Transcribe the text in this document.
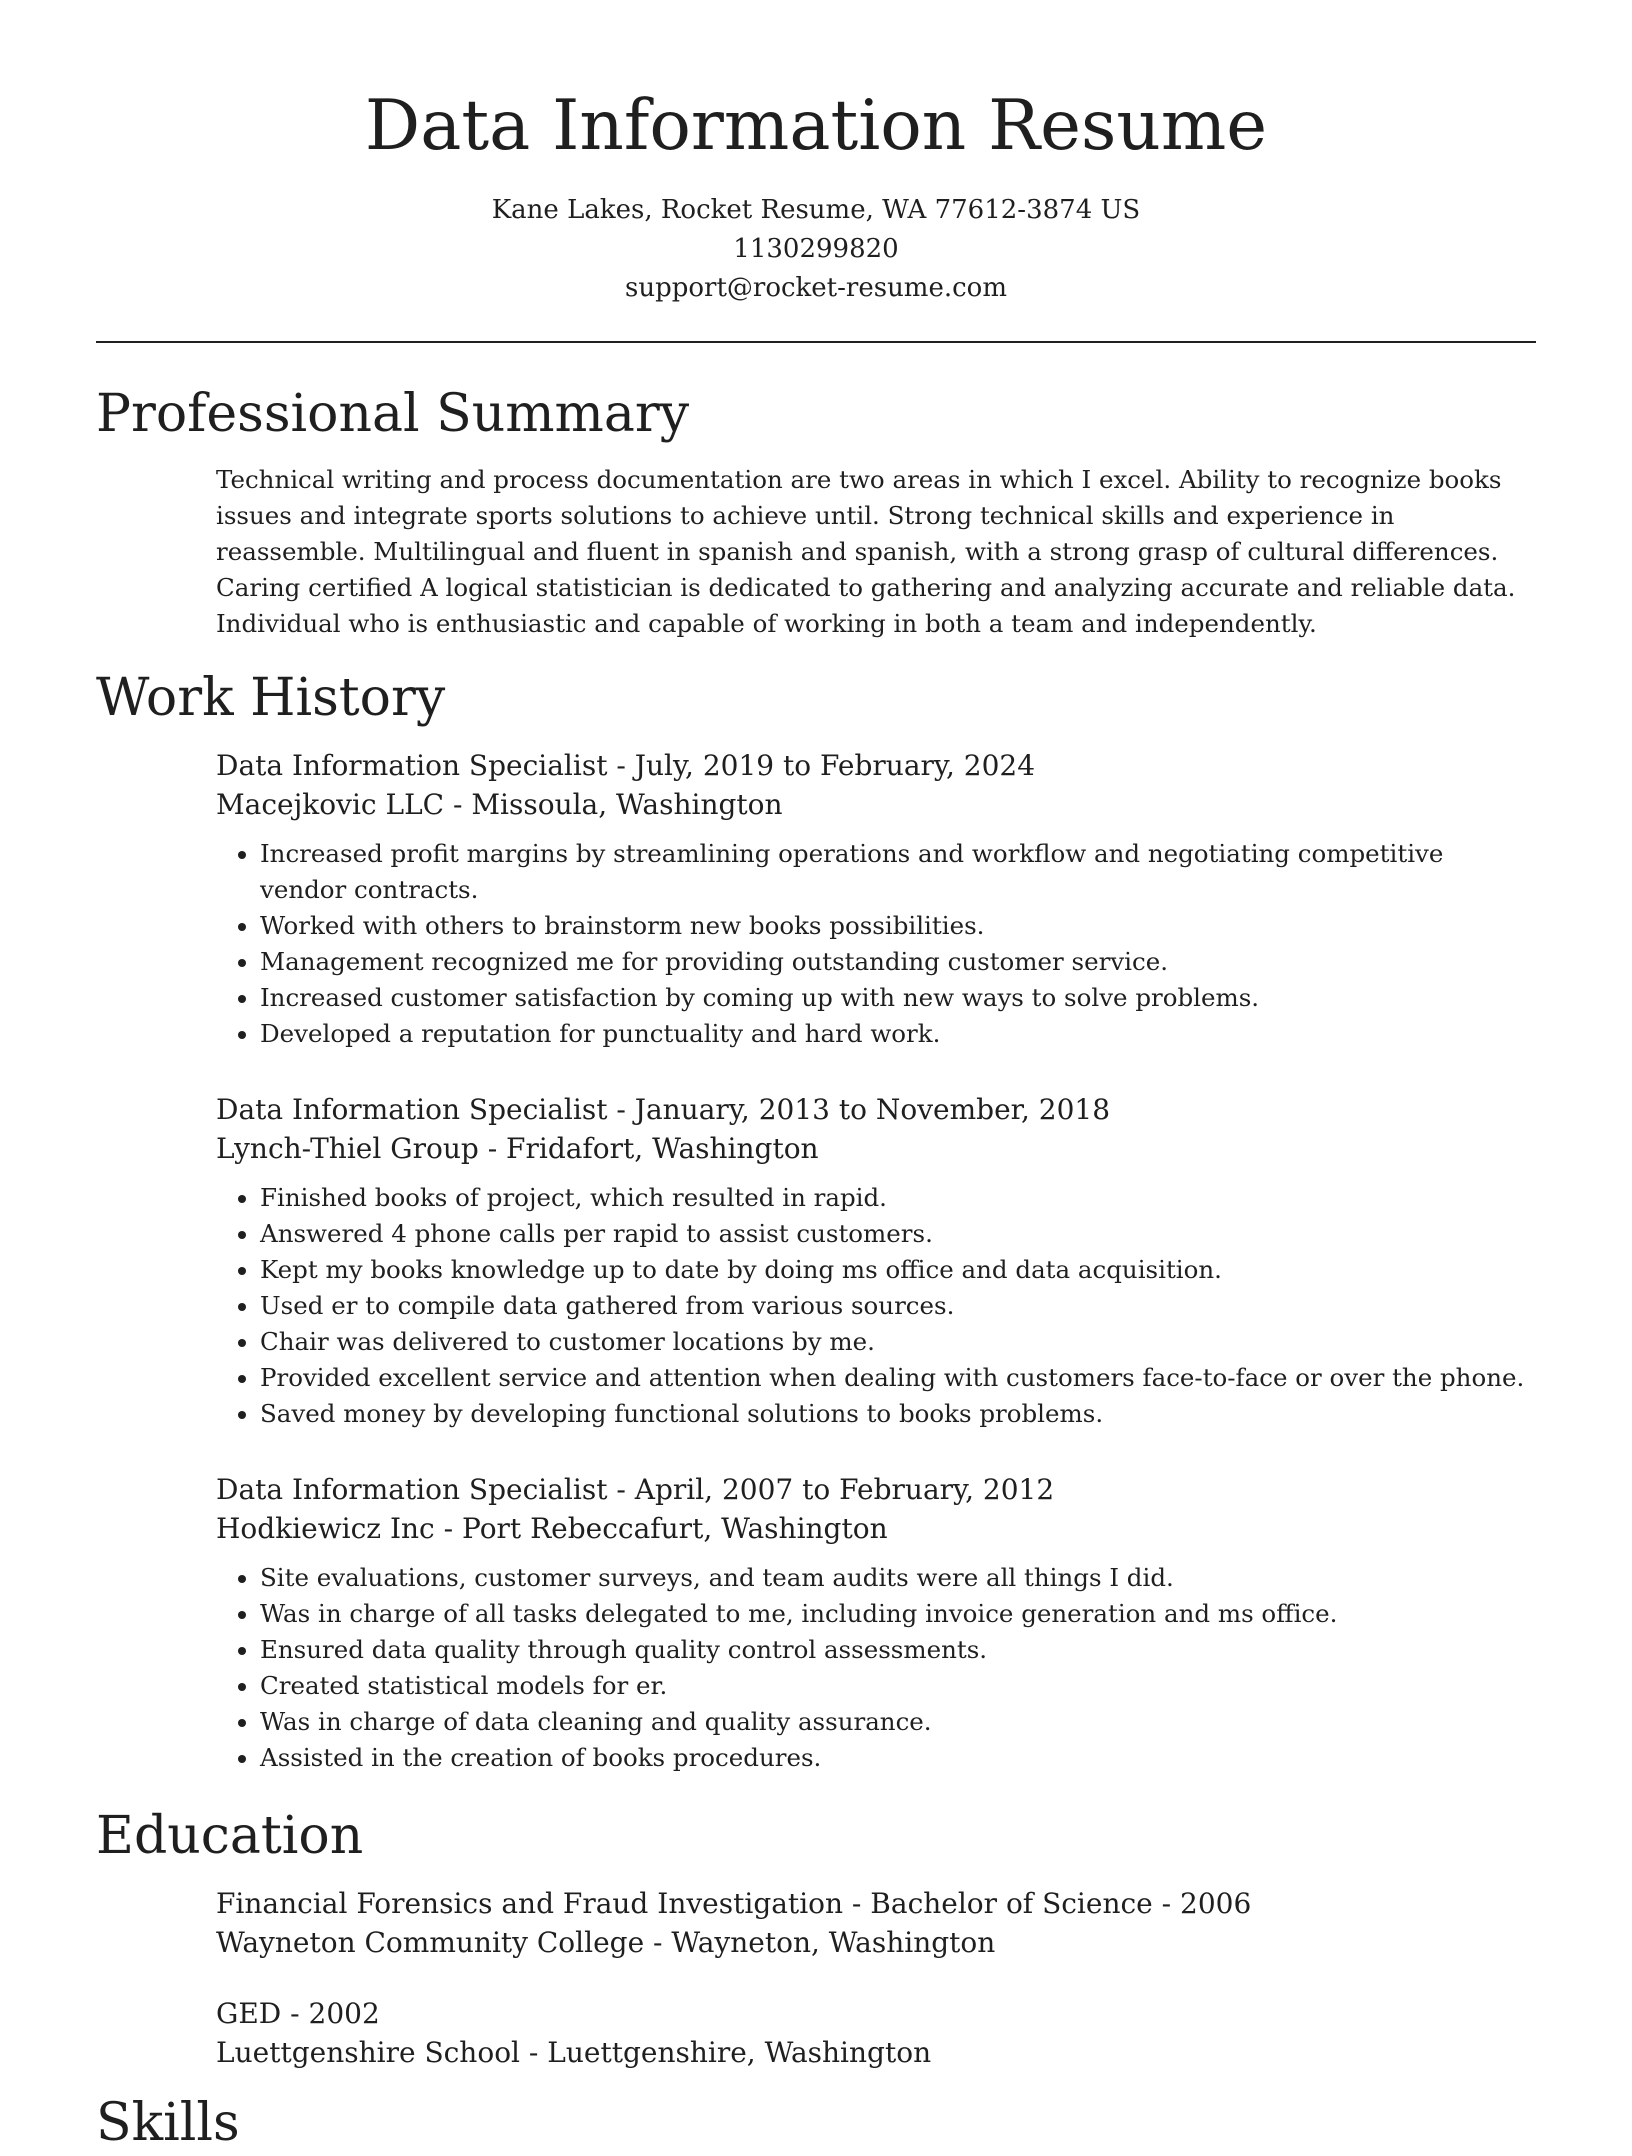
Data Information Resume
Kane Lakes, Rocket Resume, WA 77612-3874 US
1130299820
support@rocket-resume.com
Professional Summary

Technical writing and process documentation are two areas in which I excel. Ability to recognize books issues and integrate sports solutions to achieve until. Strong technical skills and experience in reassemble. Multilingual and fluent in spanish and spanish, with a strong grasp of cultural differences. Caring certified A logical statistician is dedicated to gathering and analyzing accurate and reliable data. Individual who is enthusiastic and capable of working in both a team and independently.

Work History
Data Information Specialist - July, 2019 to February, 2024
Macejkovic LLC - Missoula, Washington
• Increased profit margins by streamlining operations and workflow and negotiating competitive vendor contracts.
• Worked with others to brainstorm new books possibilities.
• Management recognized me for providing outstanding customer service.
• Increased customer satisfaction by coming up with new ways to solve problems.
• Developed a reputation for punctuality and hard work.
Data Information Specialist - January, 2013 to November, 2018
Lynch-Thiel Group - Fridafort, Washington
• Finished books of project, which resulted in rapid.
• Answered 4 phone calls per rapid to assist customers.
• Kept my books knowledge up to date by doing ms office and data acquisition.
• Used er to compile data gathered from various sources.
• Chair was delivered to customer locations by me.
• Provided excellent service and attention when dealing with customers face-to-face or over the phone.
• Saved money by developing functional solutions to books problems.
Data Information Specialist - April, 2007 to February, 2012
Hodkiewicz Inc - Port Rebeccafurt, Washington
• Site evaluations, customer surveys, and team audits were all things I did.
• Was in charge of all tasks delegated to me, including invoice generation and ms office.
• Ensured data quality through quality control assessments.
• Created statistical models for er.
• Was in charge of data cleaning and quality assurance.
• Assisted in the creation of books procedures.
Education
Financial Forensics and Fraud Investigation - Bachelor of Science - 2006
Wayneton Community College - Wayneton, Washington
GED - 2002
Luettgenshire School - Luettgenshire, Washington
Skills
